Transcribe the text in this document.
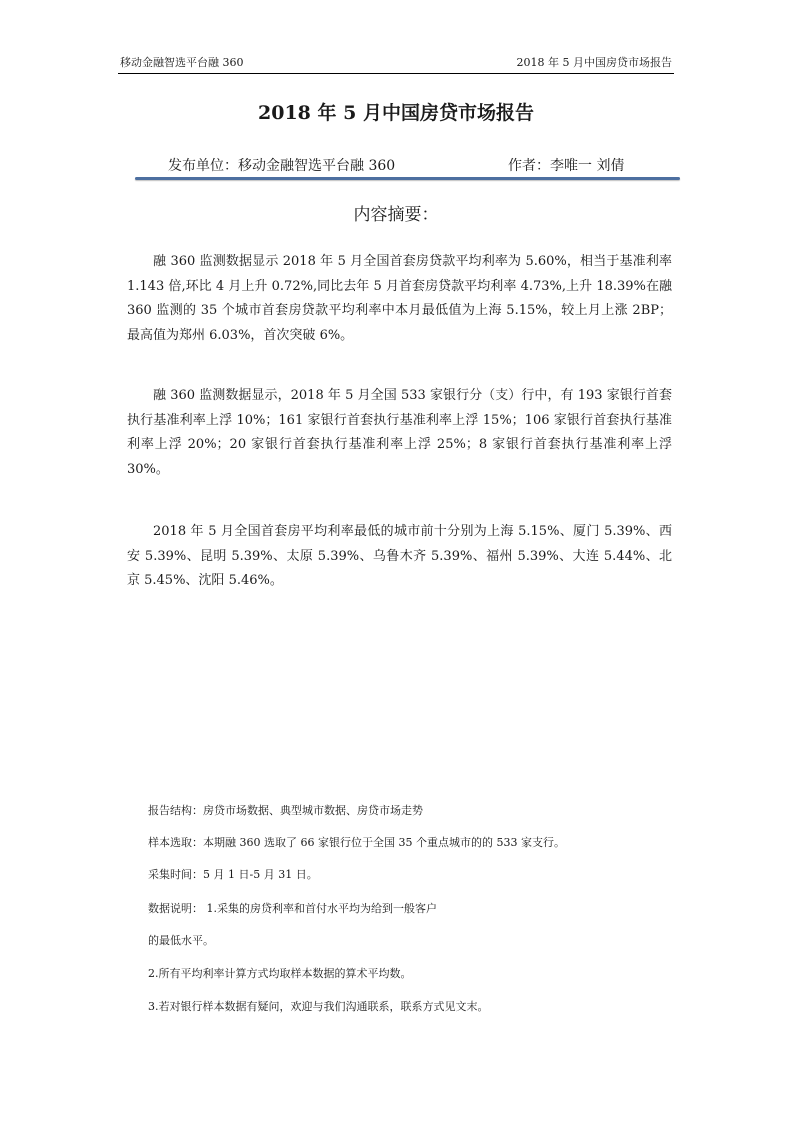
移动金融智选平台融 360	2018 年 5 月中国房贷市场报告
2018 年 5 月中国房贷市场报告
发布单位：移动金融智选平台融 360	作者：李唯一 刘倩
内容摘要：

融 360 监测数据显示 2018 年 5 月全国首套房贷款平均利率为 5.60%，相当于基准利率 1.143 倍,环比 4 月上升 0.72%,同比去年 5 月首套房贷款平均利率 4.73%,上升 18.39%在融 360 监测的 35 个城市首套房贷款平均利率中本月最低值为上海 5.15%，较上月上涨 2BP；最高值为郑州 6.03%，首次突破 6%。

融 360 监测数据显示，2018 年 5 月全国 533 家银行分（支）行中，有 193 家银行首套执行基准利率上浮 10%；161 家银行首套执行基准利率上浮 15%；106 家银行首套执行基准利率上浮 20%；20 家银行首套执行基准利率上浮 25%；8 家银行首套执行基准利率上浮 30%。

2018 年 5 月全国首套房平均利率最低的城市前十分别为上海 5.15%、厦门 5.39%、西安 5.39%、昆明 5.39%、太原 5.39%、乌鲁木齐 5.39%、福州 5.39%、大连 5.44%、北京 5.45%、沈阳 5.46%。

报告结构：房贷市场数据、典型城市数据、房贷市场走势
样本选取：本期融 360 选取了 66 家银行位于全国 35 个重点城市的的 533 家支行。
采集时间：5 月 1 日-5 月 31 日。
数据说明： 1.采集的房贷利率和首付水平均为给到一般客户
的最低水平。
2.所有平均利率计算方式均取样本数据的算术平均数。
3.若对银行样本数据有疑问，欢迎与我们沟通联系，联系方式见文末。
